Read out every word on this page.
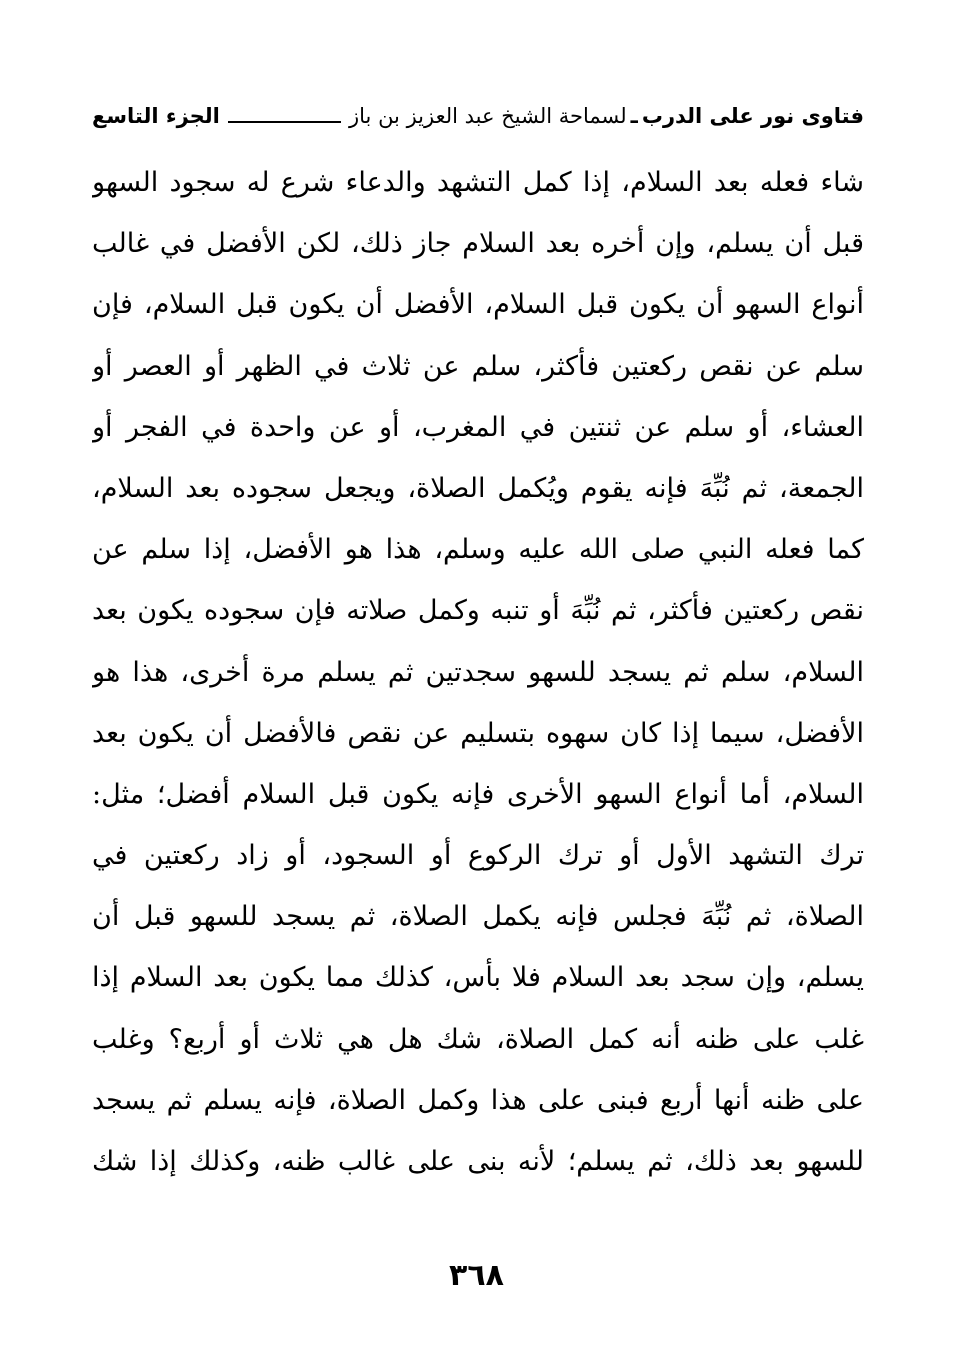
فتاوى نور على الدرب
ـ
لسماحة الشيخ عبد العزيز بن باز
الجزء التاسع
شاء فعله بعد السلام، إذا كمل التشهد والدعاء شرع له سجود السهو
قبل أن يسلم، وإن أخره بعد السلام جاز ذلك، لكن الأفضل في غالب
أنواع السهو أن يكون قبل السلام، الأفضل أن يكون قبل السلام، فإن
سلم عن نقص ركعتين فأكثر، سلم عن ثلاث في الظهر أو العصر أو
العشاء، أو سلم عن ثنتين في المغرب، أو عن واحدة في الفجر أو
الجمعة، ثم نُبِّهَ فإنه يقوم ويُكمل الصلاة، ويجعل سجوده بعد السلام،
كما فعله النبي صلى الله عليه وسلم، هذا هو الأفضل، إذا سلم عن
نقص ركعتين فأكثر، ثم نُبِّهَ أو تنبه وكمل صلاته فإن سجوده يكون بعد
السلام، سلم ثم يسجد للسهو سجدتين ثم يسلم مرة أخرى، هذا هو
الأفضل، سيما إذا كان سهوه بتسليم عن نقص فالأفضل أن يكون بعد
السلام، أما أنواع السهو الأخرى فإنه يكون قبل السلام أفضل؛ مثل:
ترك التشهد الأول أو ترك الركوع أو السجود، أو زاد ركعتين في
الصلاة، ثم نُبِّهَ فجلس فإنه يكمل الصلاة، ثم يسجد للسهو قبل أن
يسلم، وإن سجد بعد السلام فلا بأس، كذلك مما يكون بعد السلام إذا
غلب على ظنه أنه كمل الصلاة، شك هل هي ثلاث أو أربع؟ وغلب
على ظنه أنها أربع فبنى على هذا وكمل الصلاة، فإنه يسلم ثم يسجد
للسهو بعد ذلك، ثم يسلم؛ لأنه بنى على غالب ظنه، وكذلك إذا شك
٣٦٨
